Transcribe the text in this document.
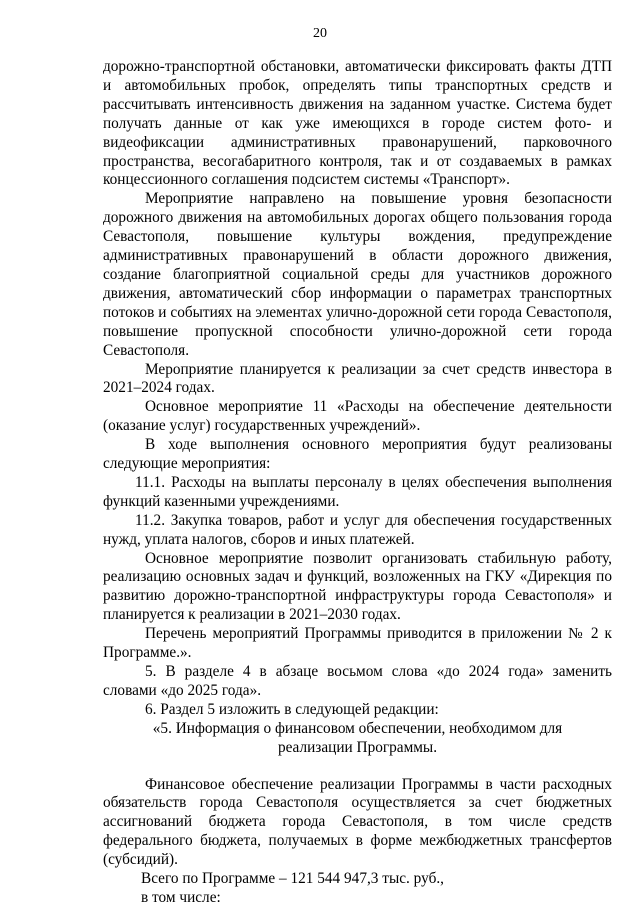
20

дорожно-транспортной обстановки, автоматически фиксировать факты ДТП и автомобильных пробок, определять типы транспортных средств и рассчитывать интенсивность движения на заданном участке. Система будет получать данные от как уже имеющихся в городе систем фото- и видеофиксации административных правонарушений, парковочного пространства, весогабаритного контроля, так и от создаваемых в рамках концессионного соглашения подсистем системы «Транспорт».

Мероприятие направлено на повышение уровня безопасности дорожного движения на автомобильных дорогах общего пользования города Севастополя, повышение культуры вождения, предупреждение административных правонарушений в области дорожного движения, создание благоприятной социальной среды для участников дорожного движения, автоматический сбор информации о параметрах транспортных потоков и событиях на элементах улично-дорожной сети города Севастополя, повышение пропускной способности улично-дорожной сети города Севастополя.

Мероприятие планируется к реализации за счет средств инвестора в 2021–2024 годах.

Основное мероприятие 11 «Расходы на обеспечение деятельности (оказание услуг) государственных учреждений».

В ходе выполнения основного мероприятия будут реализованы следующие мероприятия:

11.1. Расходы на выплаты персоналу в целях обеспечения выполнения функций казенными учреждениями.

11.2. Закупка товаров, работ и услуг для обеспечения государственных нужд, уплата налогов, сборов и иных платежей.

Основное мероприятие позволит организовать стабильную работу, реализацию основных задач и функций, возложенных на ГКУ «Дирекция по развитию дорожно-транспортной инфраструктуры города Севастополя» и планируется к реализации в 2021–2030 годах.

Перечень мероприятий Программы приводится в приложении № 2 к Программе.».

5. В разделе 4 в абзаце восьмом слова «до 2024 года» заменить словами «до 2025 года».

6. Раздел 5 изложить в следующей редакции:

«5. Информация о финансовом обеспечении, необходимом для

реализации Программы.

Финансовое обеспечение реализации Программы в части расходных обязательств города Севастополя осуществляется за счет бюджетных ассигнований бюджета города Севастополя, в том числе средств федерального бюджета, получаемых в форме межбюджетных трансфертов (субсидий).

Всего по Программе – 121 544 947,3 тыс. руб.,

в том числе:
